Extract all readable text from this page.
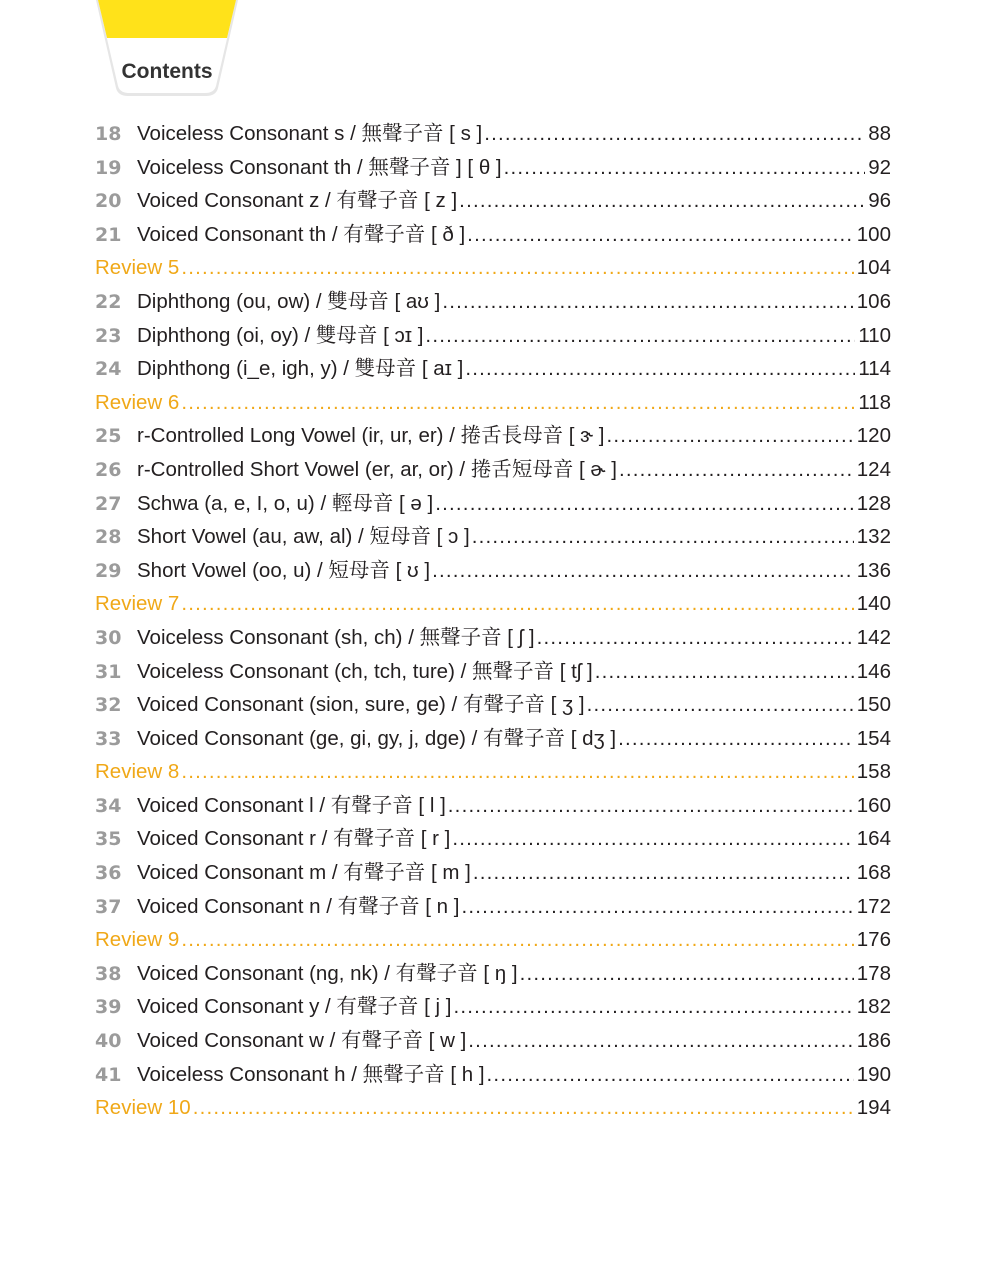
Contents
18 Voiceless Consonant s / 無聲子音 [ s ] .....	88
19 Voiceless Consonant th / 無聲子音 ] [ θ ] .....	92
20 Voiced Consonant z / 有聲子音 [ z ] .....	96
21 Voiced Consonant th / 有聲子音 [ ð ] .....	100
Review 5 .....	104
22 Diphthong (ou, ow) / 雙母音 [ aʊ ] .....	106
23 Diphthong (oi, oy) / 雙母音 [ ɔɪ ] .....	110
24 Diphthong (i_e, igh, y) / 雙母音 [ aɪ ] .....	114
Review 6 .....	118
25 r-Controlled Long Vowel (ir, ur, er) / 捲舌長母音 [ ɝ ] .....	120
26 r-Controlled Short Vowel (er, ar, or) / 捲舌短母音 [ ɚ ] .....	124
27 Schwa (a, e, I, o, u) / 輕母音 [ ə ] .....	128
28 Short Vowel (au, aw, al) / 短母音 [ ɔ ] .....	132
29 Short Vowel (oo, u) / 短母音 [ ʊ ] .....	136
Review 7 .....	140
30 Voiceless Consonant (sh, ch) / 無聲子音 [ ʃ ] .....	142
31 Voiceless Consonant (ch, tch, ture) / 無聲子音 [ tʃ ] .....	146
32 Voiced Consonant (sion, sure, ge) / 有聲子音 [ ʒ ] .....	150
33 Voiced Consonant (ge, gi, gy, j, dge) / 有聲子音 [ dʒ ] .....	154
Review 8 .....	158
34 Voiced Consonant l / 有聲子音 [ l ] .....	160
35 Voiced Consonant r / 有聲子音 [ r ] .....	164
36 Voiced Consonant m / 有聲子音 [ m ] .....	168
37 Voiced Consonant n / 有聲子音 [ n ] .....	172
Review 9 .....	176
38 Voiced Consonant (ng, nk) / 有聲子音 [ ŋ ] .....	178
39 Voiced Consonant y / 有聲子音 [ j ] .....	182
40 Voiced Consonant w / 有聲子音 [ w ] .....	186
41 Voiceless Consonant h / 無聲子音 [ h ] .....	190
Review 10 .....	194
